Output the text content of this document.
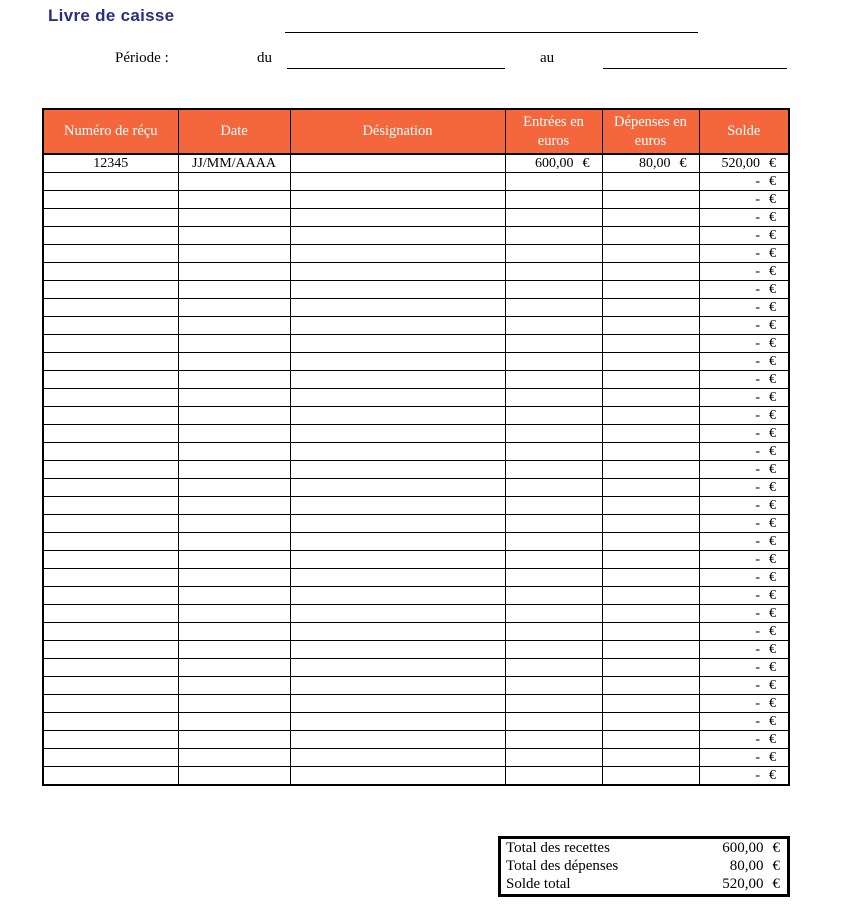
Livre de caisse
Période :	du	au
Numéro de réçu	Date	Désignation	Entrées en euros	Dépenses en euros	Solde
12345	JJ/MM/AAAA		600,00 €	80,00 €	520,00 €

					- €

					- €

					- €

					- €

					- €

					- €

					- €

					- €

					- €

					- €

					- €

					- €

					- €

					- €

					- €

					- €

					- €

					- €

					- €

					- €

					- €

					- €

					- €

					- €

					- €

					- €

					- €

					- €

					- €

					- €

					- €

					- €

					- €

					- €
Total des recettes	600,00 €
Total des dépenses	80,00 €
Solde total	520,00 €
